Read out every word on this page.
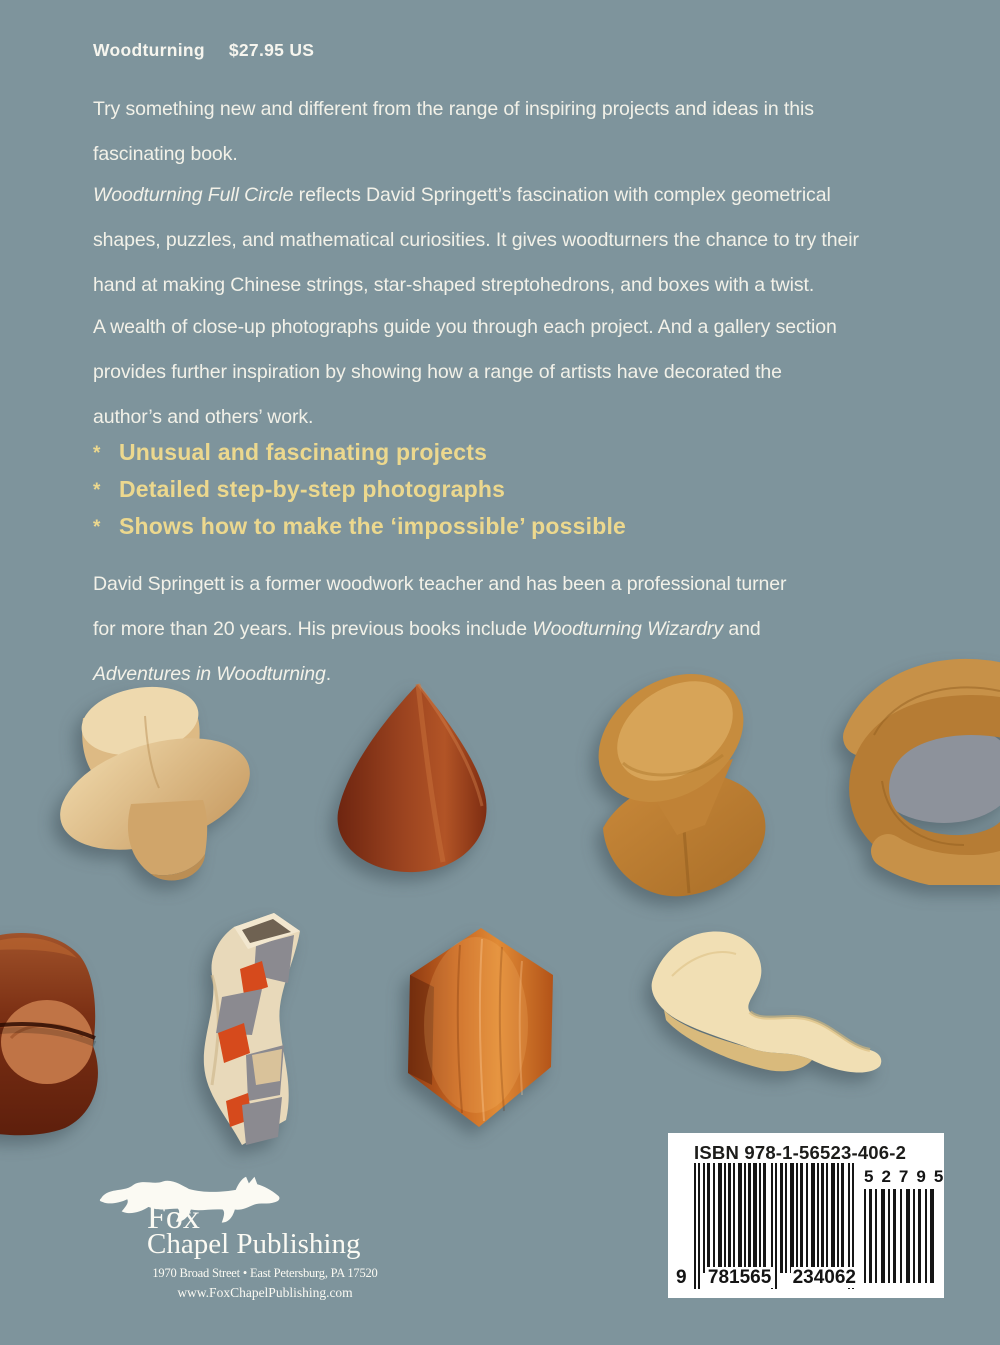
Woodturning $27.95 US
Try something new and different from the range of inspiring projects and ideas in this
fascinating book.
Woodturning Full Circle reflects David Springett’s fascination with complex geometrical
shapes, puzzles, and mathematical curiosities. It gives woodturners the chance to try their
hand at making Chinese strings, star-shaped streptohedrons, and boxes with a twist.
A wealth of close-up photographs guide you through each project. And a gallery section
provides further inspiration by showing how a range of artists have decorated the
author’s and others’ work.
* Unusual and fascinating projects
* Detailed step-by-step photographs
* Shows how to make the ‘impossible’ possible
David Springett is a former woodwork teacher and has been a professional turner
for more than 20 years. His previous books include Woodturning Wizardry and
Adventures in Woodturning.
Fox
Chapel Publishing
1970 Broad Street • East Petersburg, PA 17520
www.FoxChapelPublishing.com
ISBN 978-1-56523-406-2
9 781565 234062
52795
